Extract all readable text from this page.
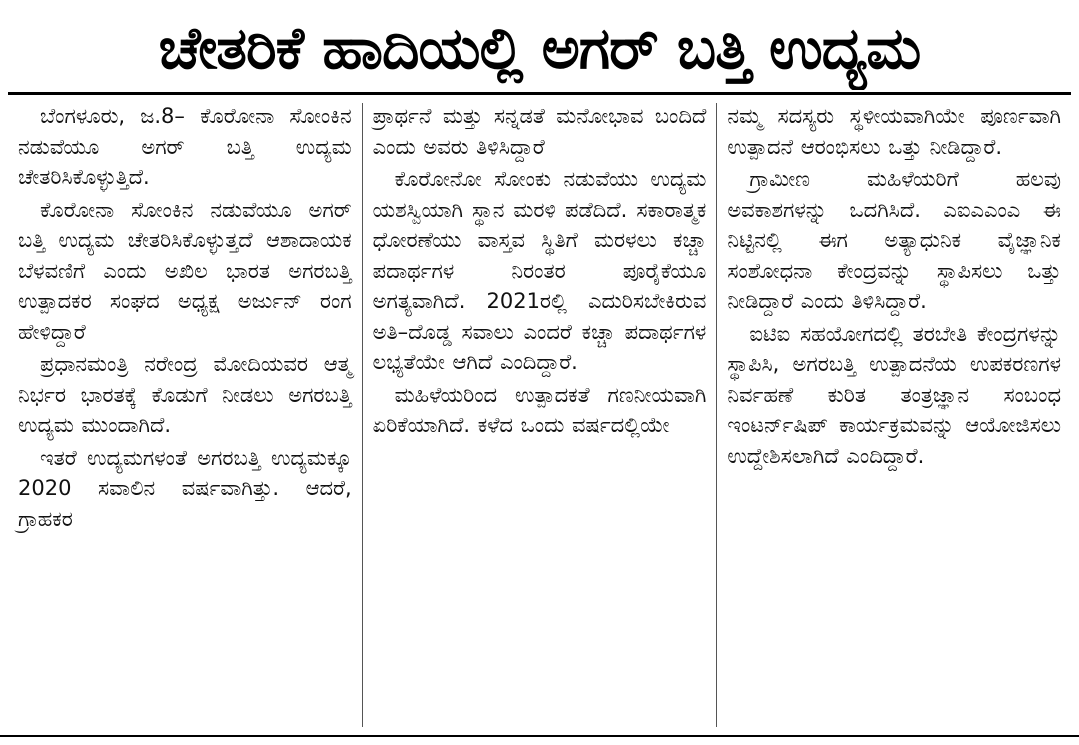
ಚೇತರಿಕೆ ಹಾದಿಯಲ್ಲಿ ಅಗರ್ ಬತ್ತಿ ಉದ್ಯಮ

ಬೆಂಗಳೂರು, ಜ.8– ಕೊರೋನಾ ಸೋಂಕಿನ ನಡುವೆಯೂ ಅಗರ್ ಬತ್ತಿ ಉದ್ಯಮ ಚೇತರಿಸಿಕೊಳ್ಳುತ್ತಿದೆ.

ಕೊರೋನಾ ಸೋಂಕಿನ ನಡುವೆಯೂ ಅಗರ್ ಬತ್ತಿ ಉದ್ಯಮ ಚೇತರಿಸಿಕೊಳ್ಳುತ್ತದೆ ಆಶಾದಾಯಕ ಬೆಳವಣಿಗೆ ಎಂದು ಅಖಿಲ ಭಾರತ ಅಗರಬತ್ತಿ ಉತ್ಪಾದಕರ ಸಂಘದ ಅಧ್ಯಕ್ಷ ಅರ್ಜುನ್ ರಂಗ ಹೇಳಿದ್ದಾರೆ

ಪ್ರಧಾನಮಂತ್ರಿ ನರೇಂದ್ರ ಮೋದಿಯವರ ಆತ್ಮ ನಿರ್ಭರ ಭಾರತಕ್ಕೆ ಕೊಡುಗೆ ನೀಡಲು ಅಗರಬತ್ತಿ ಉದ್ಯಮ ಮುಂದಾಗಿದೆ.

ಇತರೆ ಉದ್ಯಮಗಳಂತೆ ಅಗರಬತ್ತಿ ಉದ್ಯಮಕ್ಕೂ 2020 ಸವಾಲಿನ ವರ್ಷವಾಗಿತ್ತು. ಆದರೆ, ಗ್ರಾಹಕರ

ಪ್ರಾರ್ಥನೆ ಮತ್ತು ಸನ್ನಡತೆ ಮನೋಭಾವ ಬಂದಿದೆ ಎಂದು ಅವರು ತಿಳಿಸಿದ್ದಾರೆ

ಕೊರೋನೋ ಸೋಂಕು ನಡುವೆಯು ಉದ್ಯಮ ಯಶಸ್ವಿಯಾಗಿ ಸ್ಥಾನ ಮರಳಿ ಪಡೆದಿದೆ. ಸಕಾರಾತ್ಮಕ ಧೋರಣೆಯು ವಾಸ್ತವ ಸ್ಥಿತಿಗೆ ಮರಳಲು ಕಚ್ಚಾ ಪದಾರ್ಥಗಳ ನಿರಂತರ ಪೂರೈಕೆಯೂ ಅಗತ್ಯವಾಗಿದೆ. 2021ರಲ್ಲಿ ಎದುರಿಸಬೇಕಿರುವ ಅತಿ–ದೊಡ್ಡ ಸವಾಲು ಎಂದರೆ ಕಚ್ಚಾ ಪದಾರ್ಥಗಳ ಲಭ್ಯತೆಯೇ ಆಗಿದೆ ಎಂದಿದ್ದಾರೆ.

ಮಹಿಳೆಯರಿಂದ ಉತ್ಪಾದಕತೆ ಗಣನೀಯವಾಗಿ ಏರಿಕೆಯಾಗಿದೆ. ಕಳೆದ ಒಂದು ವರ್ಷದಲ್ಲಿಯೇ

ನಮ್ಮ ಸದಸ್ಯರು ಸ್ಥಳೀಯವಾಗಿಯೇ ಪೂರ್ಣವಾಗಿ ಉತ್ಪಾದನೆ ಆರಂಭಿಸಲು ಒತ್ತು ನೀಡಿದ್ದಾರೆ.

ಗ್ರಾಮೀಣ ಮಹಿಳೆಯರಿಗೆ ಹಲವು ಅವಕಾಶಗಳನ್ನು ಒದಗಿಸಿದೆ. ಎಐಎಎಂಎ ಈ ನಿಟ್ಟಿನಲ್ಲಿ ಈಗ ಅತ್ಯಾಧುನಿಕ ವೈಜ್ಞಾನಿಕ ಸಂಶೋಧನಾ ಕೇಂದ್ರವನ್ನು ಸ್ಥಾಪಿಸಲು ಒತ್ತು ನೀಡಿದ್ದಾರೆ ಎಂದು ತಿಳಿಸಿದ್ದಾರೆ.

ಐಟಿಐ ಸಹಯೋಗದಲ್ಲಿ ತರಬೇತಿ ಕೇಂದ್ರಗಳನ್ನು ಸ್ಥಾಪಿಸಿ, ಅಗರಬತ್ತಿ ಉತ್ಪಾದನೆಯ ಉಪಕರಣಗಳ ನಿರ್ವಹಣೆ ಕುರಿತ ತಂತ್ರಜ್ಞಾನ ಸಂಬಂಧ ಇಂಟರ್ನ್‌ಷಿಪ್ ಕಾರ್ಯಕ್ರಮವನ್ನು ಆಯೋಜಿಸಲು ಉದ್ದೇಶಿಸಲಾಗಿದೆ ಎಂದಿದ್ದಾರೆ.
